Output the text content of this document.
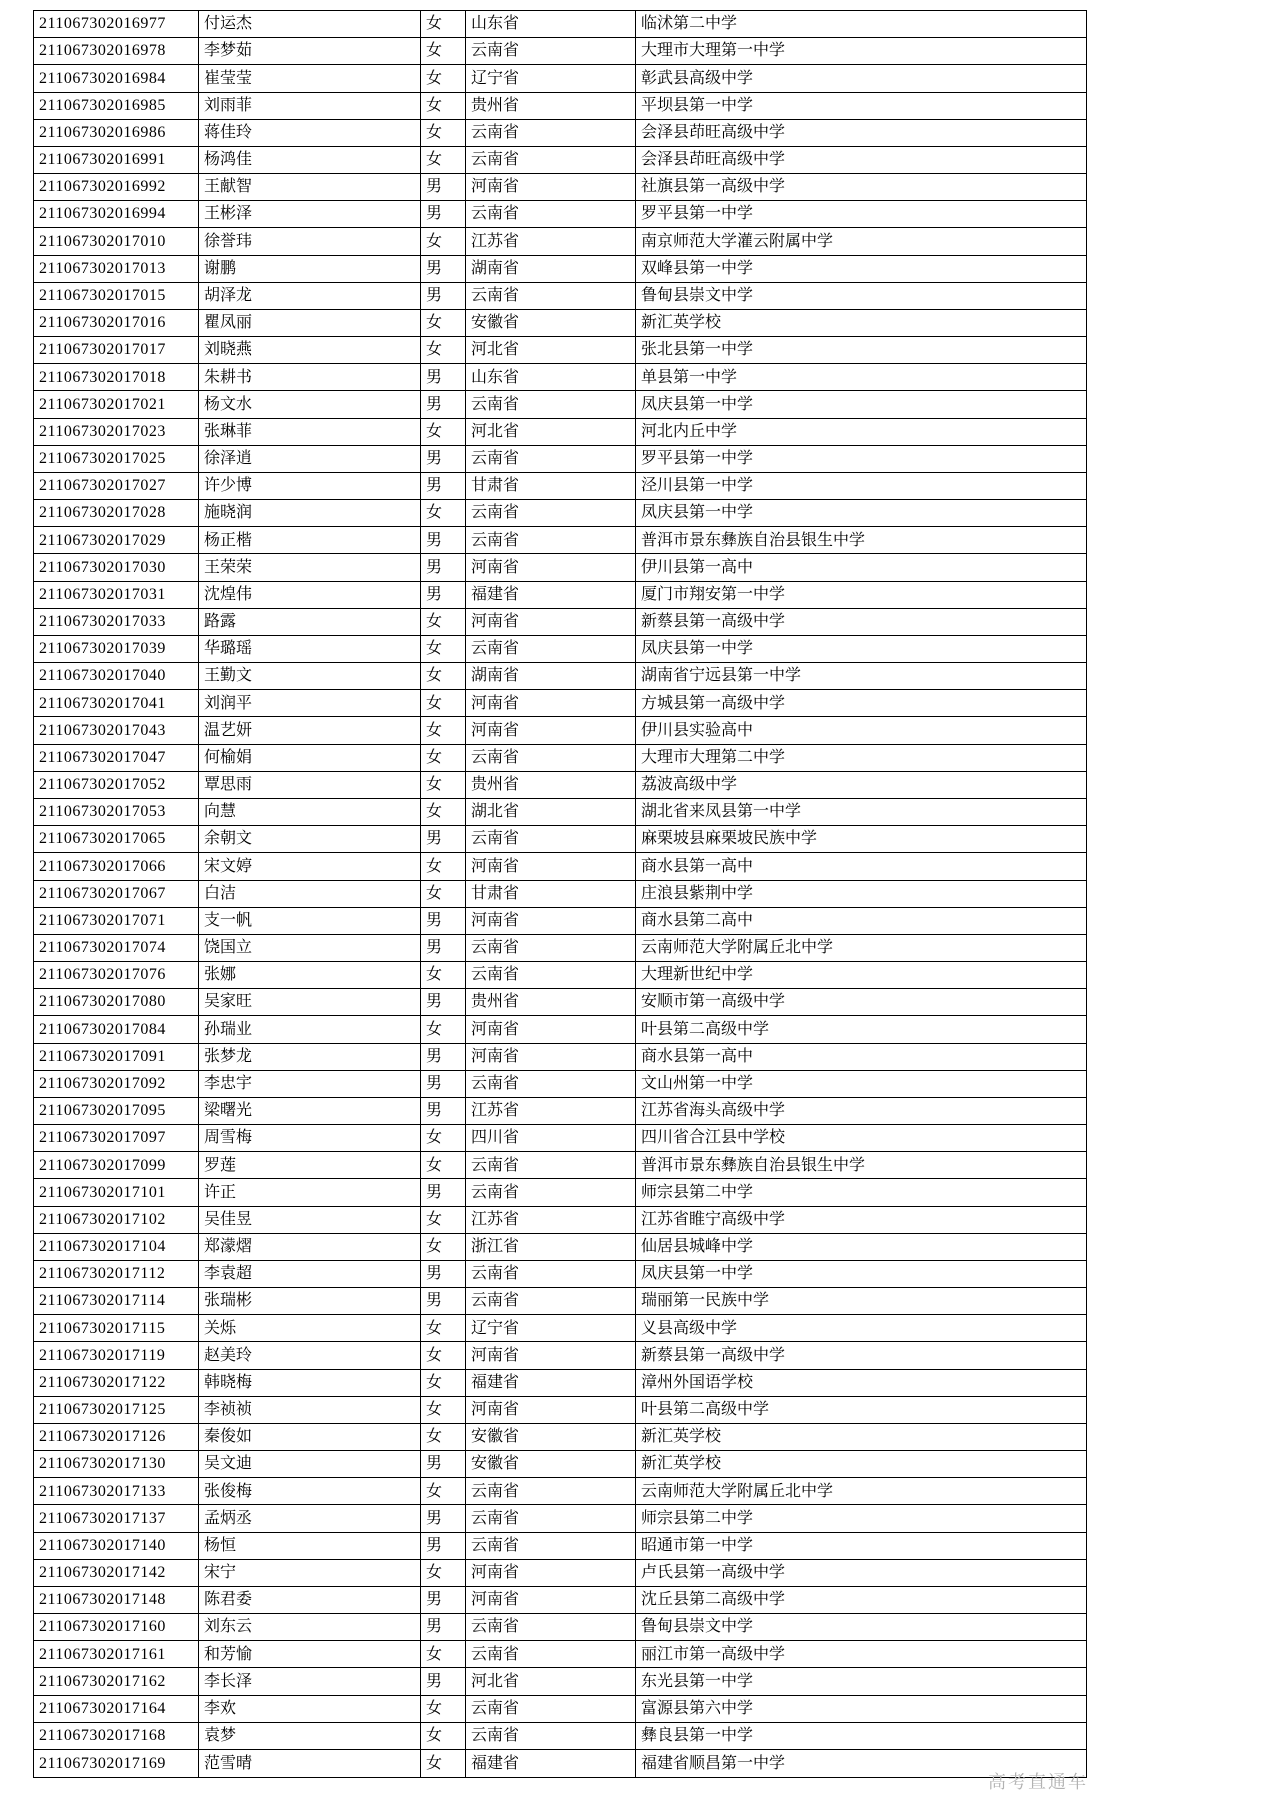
211067302016977	付运杰	女	山东省	临沭第二中学
211067302016978	李梦茹	女	云南省	大理市大理第一中学
211067302016984	崔莹莹	女	辽宁省	彰武县高级中学
211067302016985	刘雨菲	女	贵州省	平坝县第一中学
211067302016986	蒋佳玲	女	云南省	会泽县茚旺高级中学
211067302016991	杨鸿佳	女	云南省	会泽县茚旺高级中学
211067302016992	王献智	男	河南省	社旗县第一高级中学
211067302016994	王彬泽	男	云南省	罗平县第一中学
211067302017010	徐誉玮	女	江苏省	南京师范大学灌云附属中学
211067302017013	谢鹏	男	湖南省	双峰县第一中学
211067302017015	胡泽龙	男	云南省	鲁甸县崇文中学
211067302017016	瞿凤丽	女	安徽省	新汇英学校
211067302017017	刘晓燕	女	河北省	张北县第一中学
211067302017018	朱耕书	男	山东省	单县第一中学
211067302017021	杨文水	男	云南省	凤庆县第一中学
211067302017023	张琳菲	女	河北省	河北内丘中学
211067302017025	徐泽逍	男	云南省	罗平县第一中学
211067302017027	许少博	男	甘肃省	泾川县第一中学
211067302017028	施晓润	女	云南省	凤庆县第一中学
211067302017029	杨正楷	男	云南省	普洱市景东彝族自治县银生中学
211067302017030	王荣荣	男	河南省	伊川县第一高中
211067302017031	沈煌伟	男	福建省	厦门市翔安第一中学
211067302017033	路露	女	河南省	新蔡县第一高级中学
211067302017039	华璐瑶	女	云南省	凤庆县第一中学
211067302017040	王勤文	女	湖南省	湖南省宁远县第一中学
211067302017041	刘润平	女	河南省	方城县第一高级中学
211067302017043	温艺妍	女	河南省	伊川县实验高中
211067302017047	何榆娟	女	云南省	大理市大理第二中学
211067302017052	覃思雨	女	贵州省	荔波高级中学
211067302017053	向慧	女	湖北省	湖北省来凤县第一中学
211067302017065	余朝文	男	云南省	麻栗坡县麻栗坡民族中学
211067302017066	宋文婷	女	河南省	商水县第一高中
211067302017067	白洁	女	甘肃省	庄浪县紫荆中学
211067302017071	支一帆	男	河南省	商水县第二高中
211067302017074	饶国立	男	云南省	云南师范大学附属丘北中学
211067302017076	张娜	女	云南省	大理新世纪中学
211067302017080	吴家旺	男	贵州省	安顺市第一高级中学
211067302017084	孙瑞业	女	河南省	叶县第二高级中学
211067302017091	张梦龙	男	河南省	商水县第一高中
211067302017092	李忠宇	男	云南省	文山州第一中学
211067302017095	梁曙光	男	江苏省	江苏省海头高级中学
211067302017097	周雪梅	女	四川省	四川省合江县中学校
211067302017099	罗莲	女	云南省	普洱市景东彝族自治县银生中学
211067302017101	许正	男	云南省	师宗县第二中学
211067302017102	吴佳昱	女	江苏省	江苏省睢宁高级中学
211067302017104	郑濛熠	女	浙江省	仙居县城峰中学
211067302017112	李袁超	男	云南省	凤庆县第一中学
211067302017114	张瑞彬	男	云南省	瑞丽第一民族中学
211067302017115	关烁	女	辽宁省	义县高级中学
211067302017119	赵美玲	女	河南省	新蔡县第一高级中学
211067302017122	韩晓梅	女	福建省	漳州外国语学校
211067302017125	李祯祯	女	河南省	叶县第二高级中学
211067302017126	秦俊如	女	安徽省	新汇英学校
211067302017130	吴文迪	男	安徽省	新汇英学校
211067302017133	张俊梅	女	云南省	云南师范大学附属丘北中学
211067302017137	孟炳丞	男	云南省	师宗县第二中学
211067302017140	杨恒	男	云南省	昭通市第一中学
211067302017142	宋宁	女	河南省	卢氏县第一高级中学
211067302017148	陈君委	男	河南省	沈丘县第二高级中学
211067302017160	刘东云	男	云南省	鲁甸县崇文中学
211067302017161	和芳愉	女	云南省	丽江市第一高级中学
211067302017162	李长泽	男	河北省	东光县第一中学
211067302017164	李欢	女	云南省	富源县第六中学
211067302017168	袁梦	女	云南省	彝良县第一中学
211067302017169	范雪晴	女	福建省	福建省顺昌第一中学
高考直通车
